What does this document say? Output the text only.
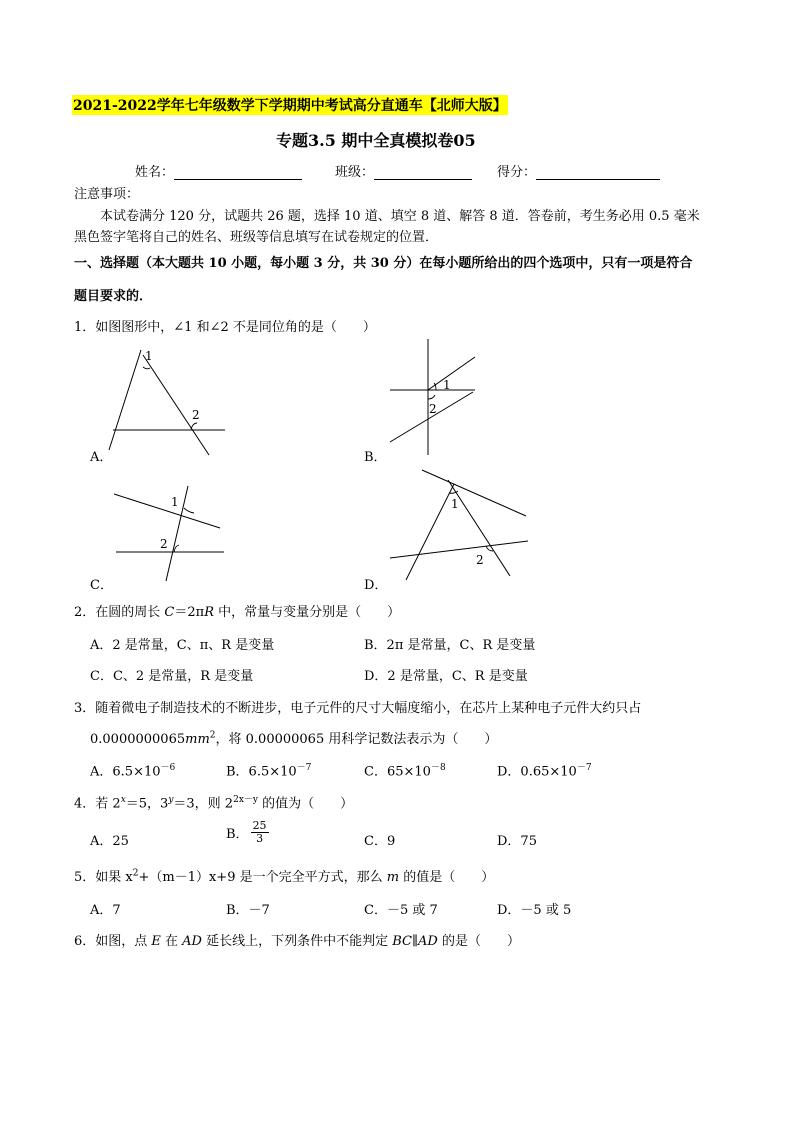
2021-2022学年七年级数学下学期期中考试高分直通车【北师大版】
专题3.5 期中全真模拟卷05
姓名：	班级：	得分：
注意事项：
本试卷满分 120 分，试题共 26 题，选择 10 道、填空 8 道、解答 8 道．答卷前，考生务必用 0.5 毫米
黑色签字笔将自己的姓名、班级等信息填写在试卷规定的位置．
一、选择题（本大题共 10 小题，每小题 3 分，共 30 分）在每小题所给出的四个选项中，只有一项是符合
题目要求的．
1．如图图形中，∠1 和∠2 不是同位角的是（　　）
1
2
A．
1
2
B．
1
2
C．
1
2
D．
2．在圆的周长 C＝2πR 中，常量与变量分别是（　　）
A．2 是常量，C、π、R 是变量	B．2π 是常量，C、R 是变量
C．C、2 是常量，R 是变量	D．2 是常量，C、R 是变量
3．随着微电子制造技术的不断进步，电子元件的尺寸大幅度缩小，在芯片上某种电子元件大约只占
$0.0000000065mm^2$，将 0.00000065 用科学记数法表示为（　　）
A．$6.5\times 10^{-6}$	B．$6.5\times 10^{-7}$	C．$65\times 10^{-8}$	D．$0.65\times 10^{-7}$
4．若 $2^x=5$，$3^y=3$，则 $2^{2x-y}$ 的值为（　　）
A．25	B． $\frac{25}{3}$	C．9	D．75
5．如果 $x^2+(m-1)x+9$ 是一个完全平方式，那么 m 的值是（　　）
A．7	B．－7	C．－5 或 7	D．－5 或 5
6．如图，点 E 在 AD 延长线上，下列条件中不能判定 BC∥AD 的是（　　）
